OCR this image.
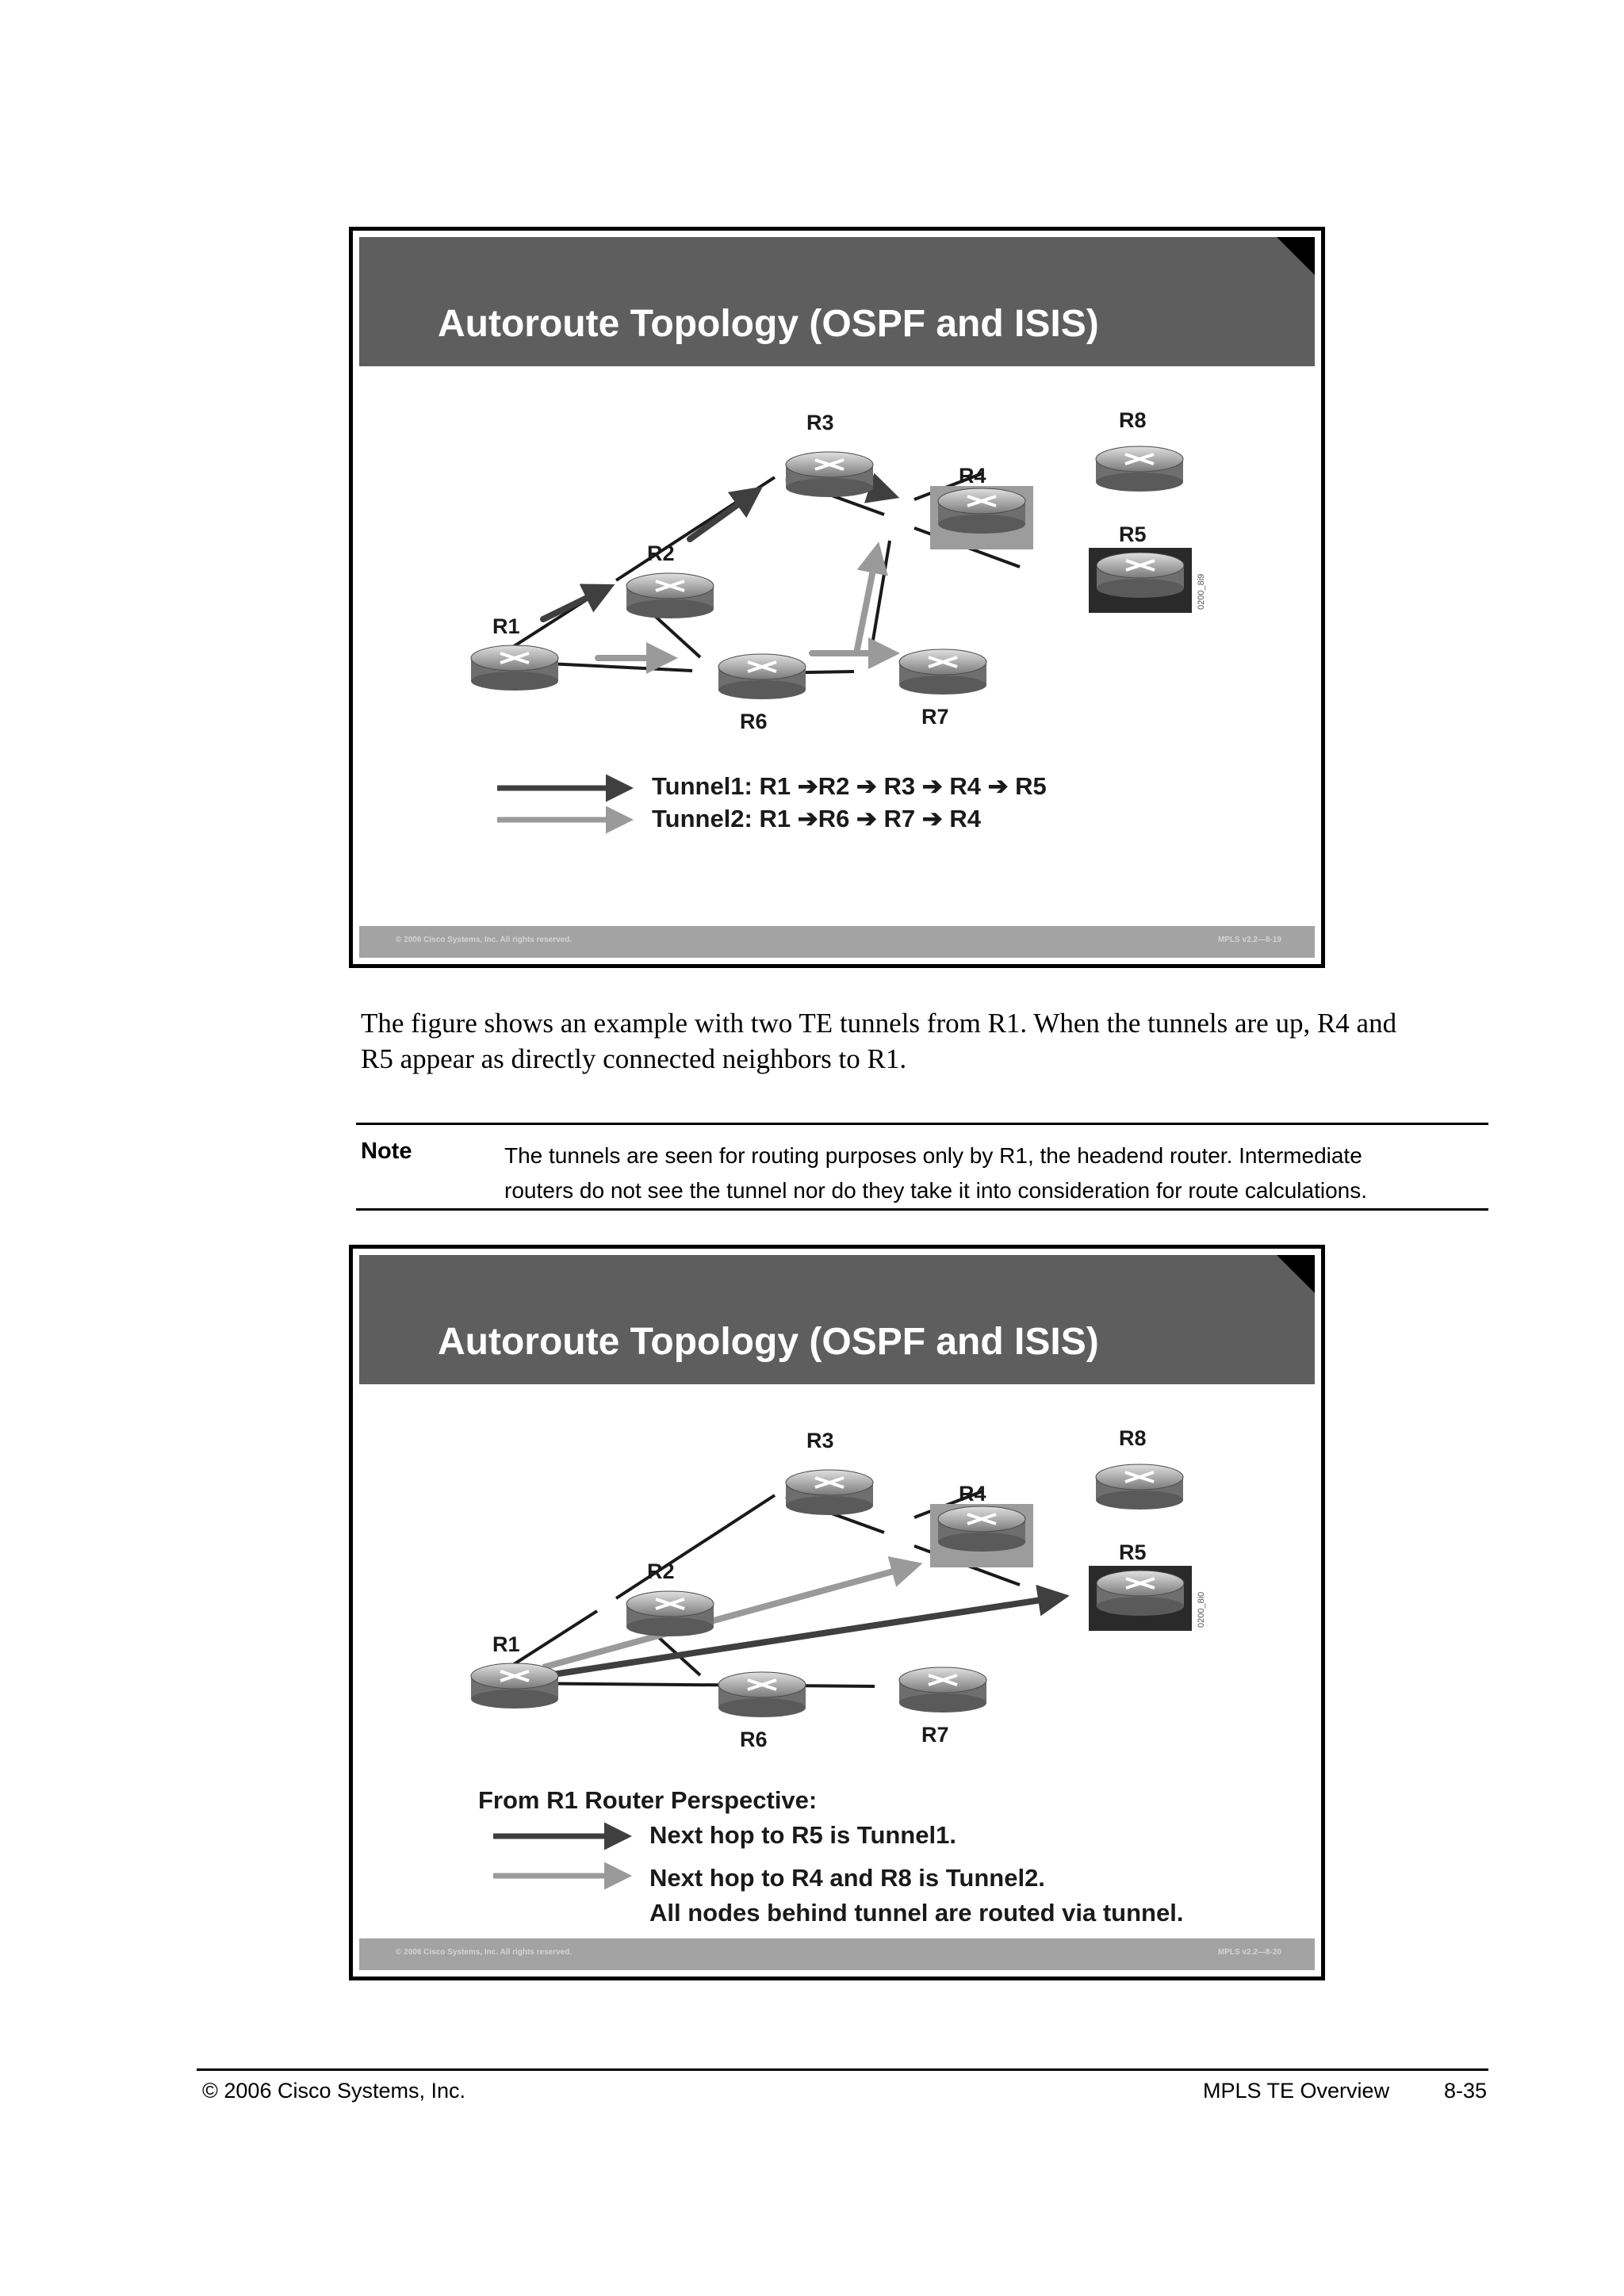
Autoroute Topology (OSPF and ISIS)
R1
R2
R3
R4
R5
R6	R7
R8
0200_8i9
Tunnel1: R1 ➔R2 ➔ R3 ➔ R4 ➔ R5
Tunnel2: R1 ➔R6 ➔ R7 ➔ R4
© 2006 Cisco Systems, Inc. All rights reserved.	MPLS v2.2—8-19
The figure shows an example with two TE tunnels from R1. When the tunnels are up, R4 and
R5 appear as directly connected neighbors to R1.
Note	The tunnels are seen for routing purposes only by R1, the headend router. Intermediate
routers do not see the tunnel nor do they take it into consideration for route calculations.
Autoroute Topology (OSPF and ISIS)
R1
R2
R3
R4
R5
R6	R7
R8
0200_8i0
From R1 Router Perspective:
Next hop to R5 is Tunnel1.
Next hop to R4 and R8 is Tunnel2.
All nodes behind tunnel are routed via tunnel.
© 2006 Cisco Systems, Inc. All rights reserved.	MPLS v2.2—8-20
© 2006 Cisco Systems, Inc.	MPLS TE Overview	8-35
